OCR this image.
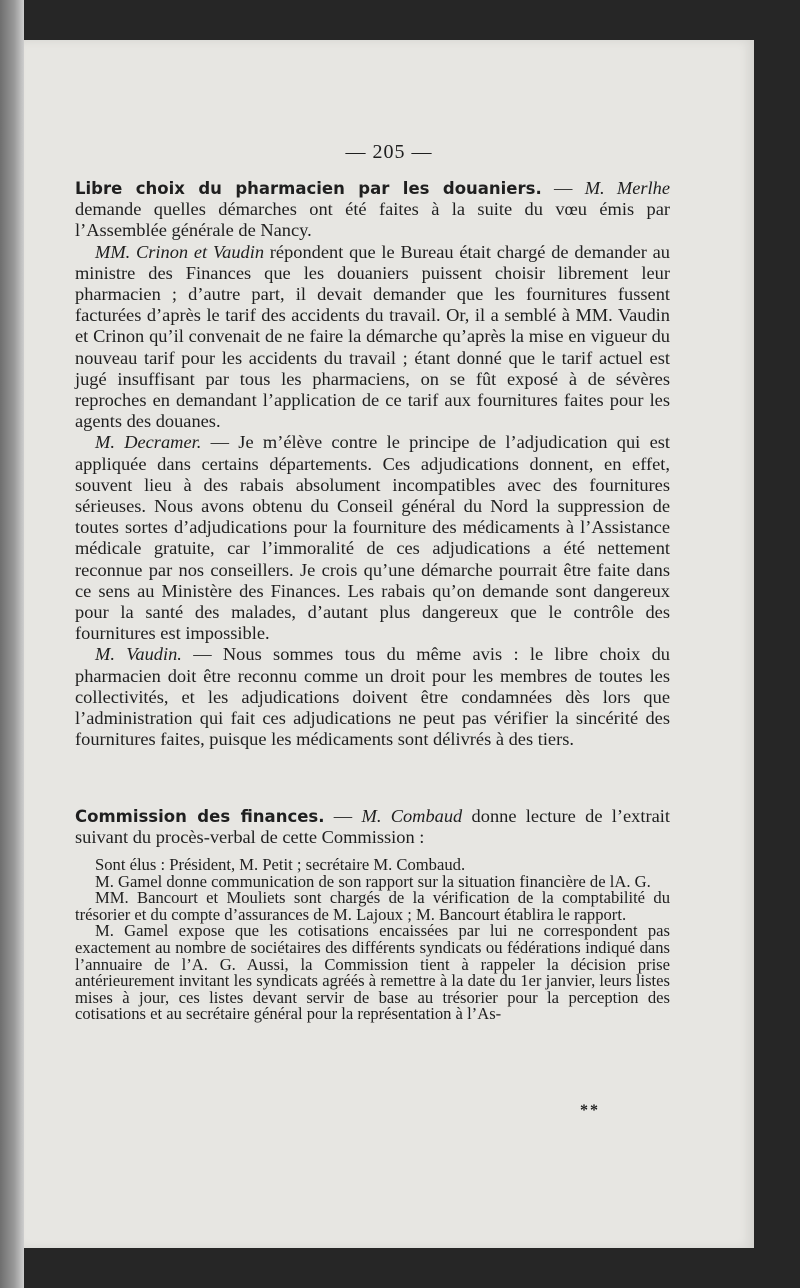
— 205 —

Libre choix du pharmacien par les douaniers. — M. Merlhe demande quelles démarches ont été faites à la suite du vœu émis par l’Assemblée générale de Nancy.

MM. Crinon et Vaudin répondent que le Bureau était chargé de demander au ministre des Finances que les douaniers puissent choisir librement leur pharmacien ; d’autre part, il devait demander que les fournitures fussent facturées d’après le tarif des accidents du travail. Or, il a semblé à MM. Vaudin et Crinon qu’il convenait de ne faire la démarche qu’après la mise en vigueur du nouveau tarif pour les accidents du travail ; étant donné que le tarif actuel est jugé insuffisant par tous les pharmaciens, on se fût exposé à de sévères reproches en demandant l’application de ce tarif aux fournitures faites pour les agents des douanes.

M. Decramer. — Je m’élève contre le principe de l’adjudication qui est appliquée dans certains départements. Ces adjudications donnent, en effet, souvent lieu à des rabais absolument incompatibles avec des fournitures sérieuses. Nous avons obtenu du Conseil général du Nord la suppression de toutes sortes d’adjudications pour la fourniture des médicaments à l’Assistance médicale gratuite, car l’immoralité de ces adjudications a été nettement reconnue par nos conseillers. Je crois qu’une démarche pourrait être faite dans ce sens au Ministère des Finances. Les rabais qu’on demande sont dangereux pour la santé des malades, d’autant plus dangereux que le contrôle des fournitures est impossible.

M. Vaudin. — Nous sommes tous du même avis : le libre choix du pharmacien doit être reconnu comme un droit pour les membres de toutes les collectivités, et les adjudications doivent être condamnées dès lors que l’administration qui fait ces adjudications ne peut pas vérifier la sincérité des fournitures faites, puisque les médicaments sont délivrés à des tiers.

Commission des finances. — M. Combaud donne lecture de l’extrait suivant du procès-verbal de cette Commission :

Sont élus : Président, M. Petit ; secrétaire M. Combaud.

M. Gamel donne communication de son rapport sur la situation financière de lA. G.

MM. Bancourt et Mouliets sont chargés de la vérification de la comptabilité du trésorier et du compte d’assurances de M. Lajoux ; M. Bancourt établira le rapport.

M. Gamel expose que les cotisations encaissées par lui ne correspondent pas exactement au nombre de sociétaires des différents syndicats ou fédérations indiqué dans l’annuaire de l’A. G. Aussi, la Commission tient à rappeler la décision prise antérieurement invitant les syndicats agréés à remettre à la date du 1er janvier, leurs listes mises à jour, ces listes devant servir de base au trésorier pour la perception des cotisations et au secrétaire général pour la représentation à l’As-

**
